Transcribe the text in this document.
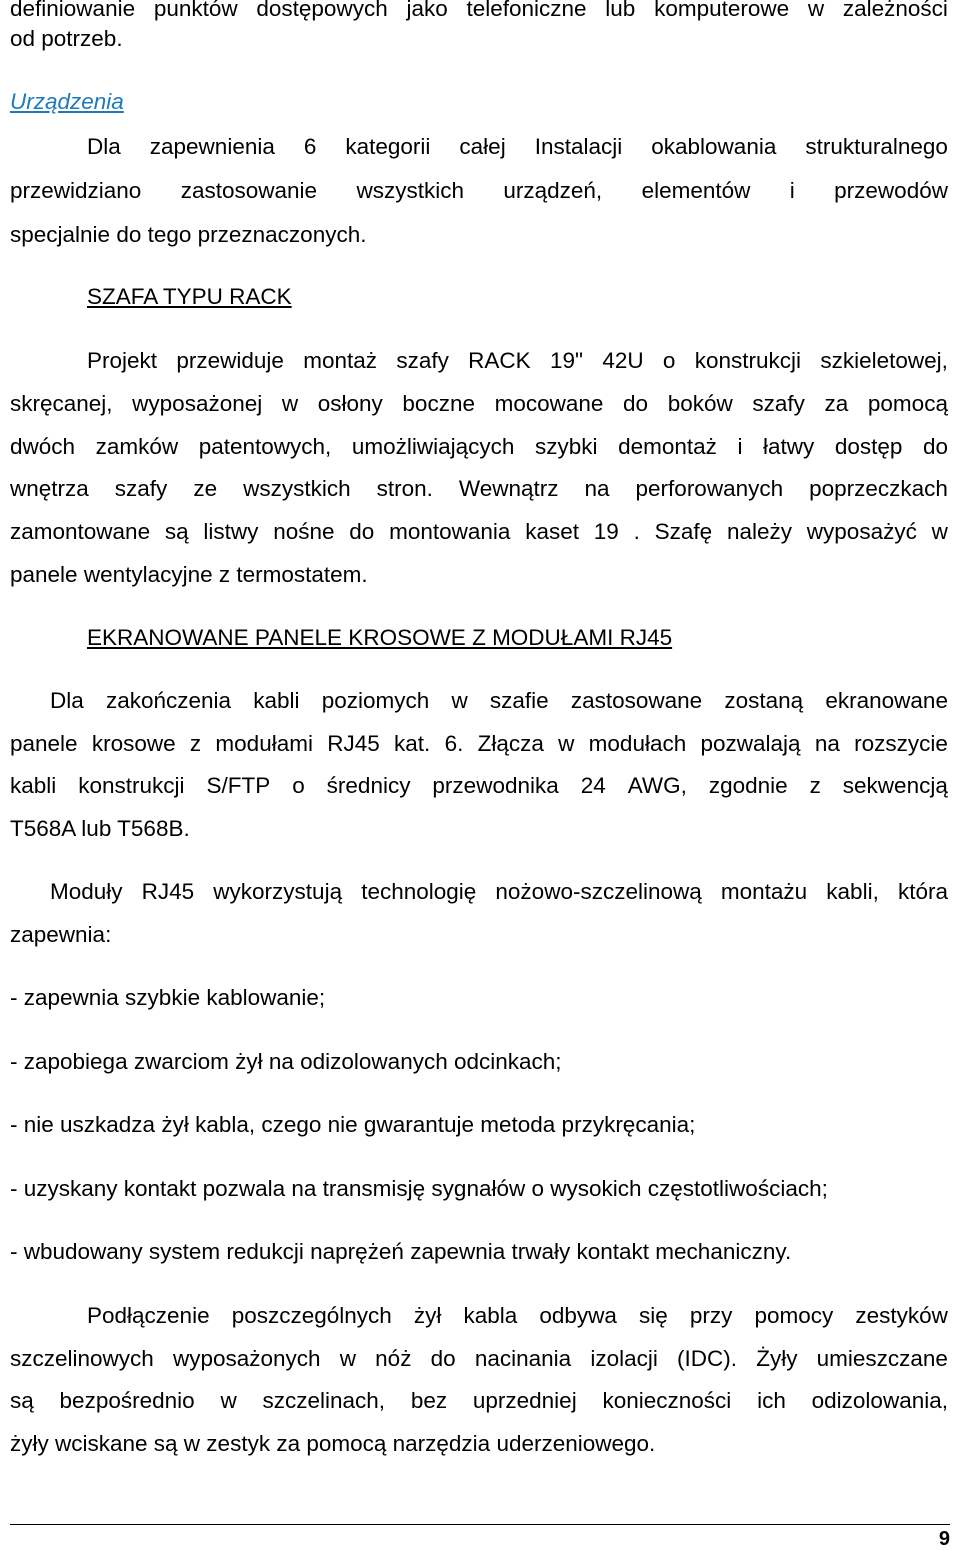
definiowanie punktów dostępowych jako telefoniczne lub komputerowe w zależności
od potrzeb.
Urządzenia
Dla zapewnienia 6 kategorii całej Instalacji okablowania strukturalnego
przewidziano zastosowanie wszystkich urządzeń, elementów i przewodów
specjalnie do tego przeznaczonych.
SZAFA TYPU RACK
Projekt przewiduje montaż szafy RACK 19" 42U o konstrukcji szkieletowej,
skręcanej, wyposażonej w osłony boczne mocowane do boków szafy za pomocą
dwóch zamków patentowych, umożliwiających szybki demontaż i łatwy dostęp do
wnętrza szafy ze wszystkich stron. Wewnątrz na perforowanych poprzeczkach
zamontowane są listwy nośne do montowania kaset 19 . Szafę należy wyposażyć w
panele wentylacyjne z termostatem.
EKRANOWANE PANELE KROSOWE Z MODUŁAMI RJ45
Dla zakończenia kabli poziomych w szafie zastosowane zostaną ekranowane
panele krosowe z modułami RJ45 kat. 6. Złącza w modułach pozwalają na rozszycie
kabli konstrukcji S/FTP o średnicy przewodnika 24 AWG, zgodnie z sekwencją
T568A lub T568B.
Moduły RJ45 wykorzystują technologię nożowo-szczelinową montażu kabli, która
zapewnia:
- zapewnia szybkie kablowanie;
- zapobiega zwarciom żył na odizolowanych odcinkach;
- nie uszkadza żył kabla, czego nie gwarantuje metoda przykręcania;
- uzyskany kontakt pozwala na transmisję sygnałów o wysokich częstotliwościach;
- wbudowany system redukcji naprężeń zapewnia trwały kontakt mechaniczny.
Podłączenie poszczególnych żył kabla odbywa się przy pomocy zestyków
szczelinowych wyposażonych w nóż do nacinania izolacji (IDC). Żyły umieszczane
są bezpośrednio w szczelinach, bez uprzedniej konieczności ich odizolowania,
żyły wciskane są w zestyk za pomocą narzędzia uderzeniowego.
9
